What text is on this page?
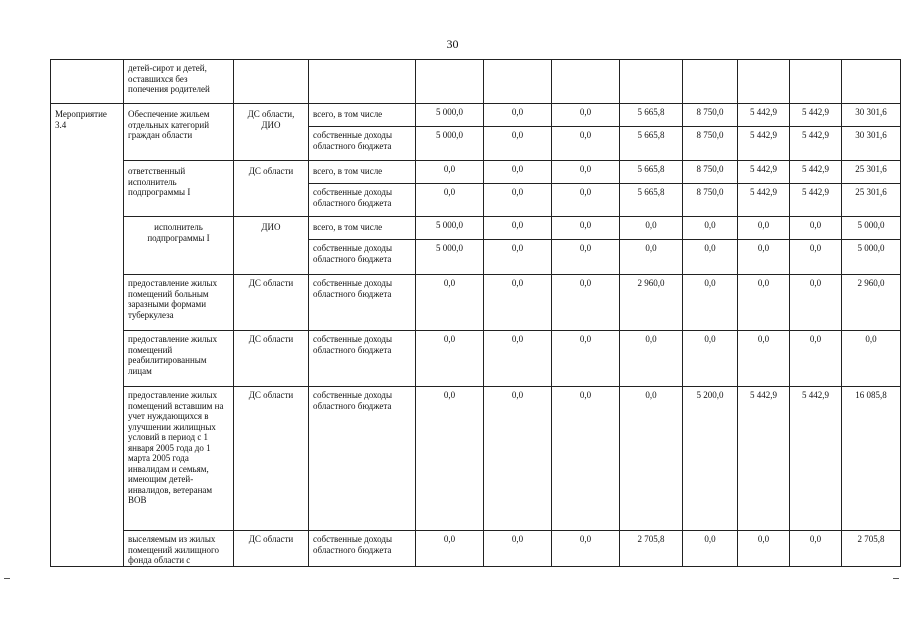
30
	детей-сирот и детей, оставшихся без попечения родителей										
Мероприятие 3.4	Обеспечение жильем отдельных категорий граждан области	ДС области, ДИО	всего, в том числе	5 000,0	0,0	0,0	5 665,8	8 750,0	5 442,9	5 442,9	30 301,6
			собственные доходы областного бюджета	5 000,0	0,0	0,0	5 665,8	8 750,0	5 442,9	5 442,9	30 301,6
	ответственный исполнитель подпрограммы I	ДС области	всего, в том числе	0,0	0,0	0,0	5 665,8	8 750,0	5 442,9	5 442,9	25 301,6
			собственные доходы областного бюджета	0,0	0,0	0,0	5 665,8	8 750,0	5 442,9	5 442,9	25 301,6
	исполнитель подпрограммы I	ДИО	всего, в том числе	5 000,0	0,0	0,0	0,0	0,0	0,0	0,0	5 000,0
			собственные доходы областного бюджета	5 000,0	0,0	0,0	0,0	0,0	0,0	0,0	5 000,0
	предоставление жилых помещений больным заразными формами туберкулеза	ДС области	собственные доходы областного бюджета	0,0	0,0	0,0	2 960,0	0,0	0,0	0,0	2 960,0
	предоставление жилых помещений реабилитированным лицам	ДС области	собственные доходы областного бюджета	0,0	0,0	0,0	0,0	0,0	0,0	0,0	0,0
	предоставление жилых помещений вставшим на учет нуждающихся в улучшении жилищных условий в период с 1 января 2005 года до 1 марта 2005 года инвалидам и семьям, имеющим детей-инвалидов, ветеранам ВОВ	ДС области	собственные доходы областного бюджета	0,0	0,0	0,0	0,0	5 200,0	5 442,9	5 442,9	16 085,8
	выселяемым из жилых помещений жилищного фонда области с	ДС области	собственные доходы областного бюджета	0,0	0,0	0,0	2 705,8	0,0	0,0	0,0	2 705,8
